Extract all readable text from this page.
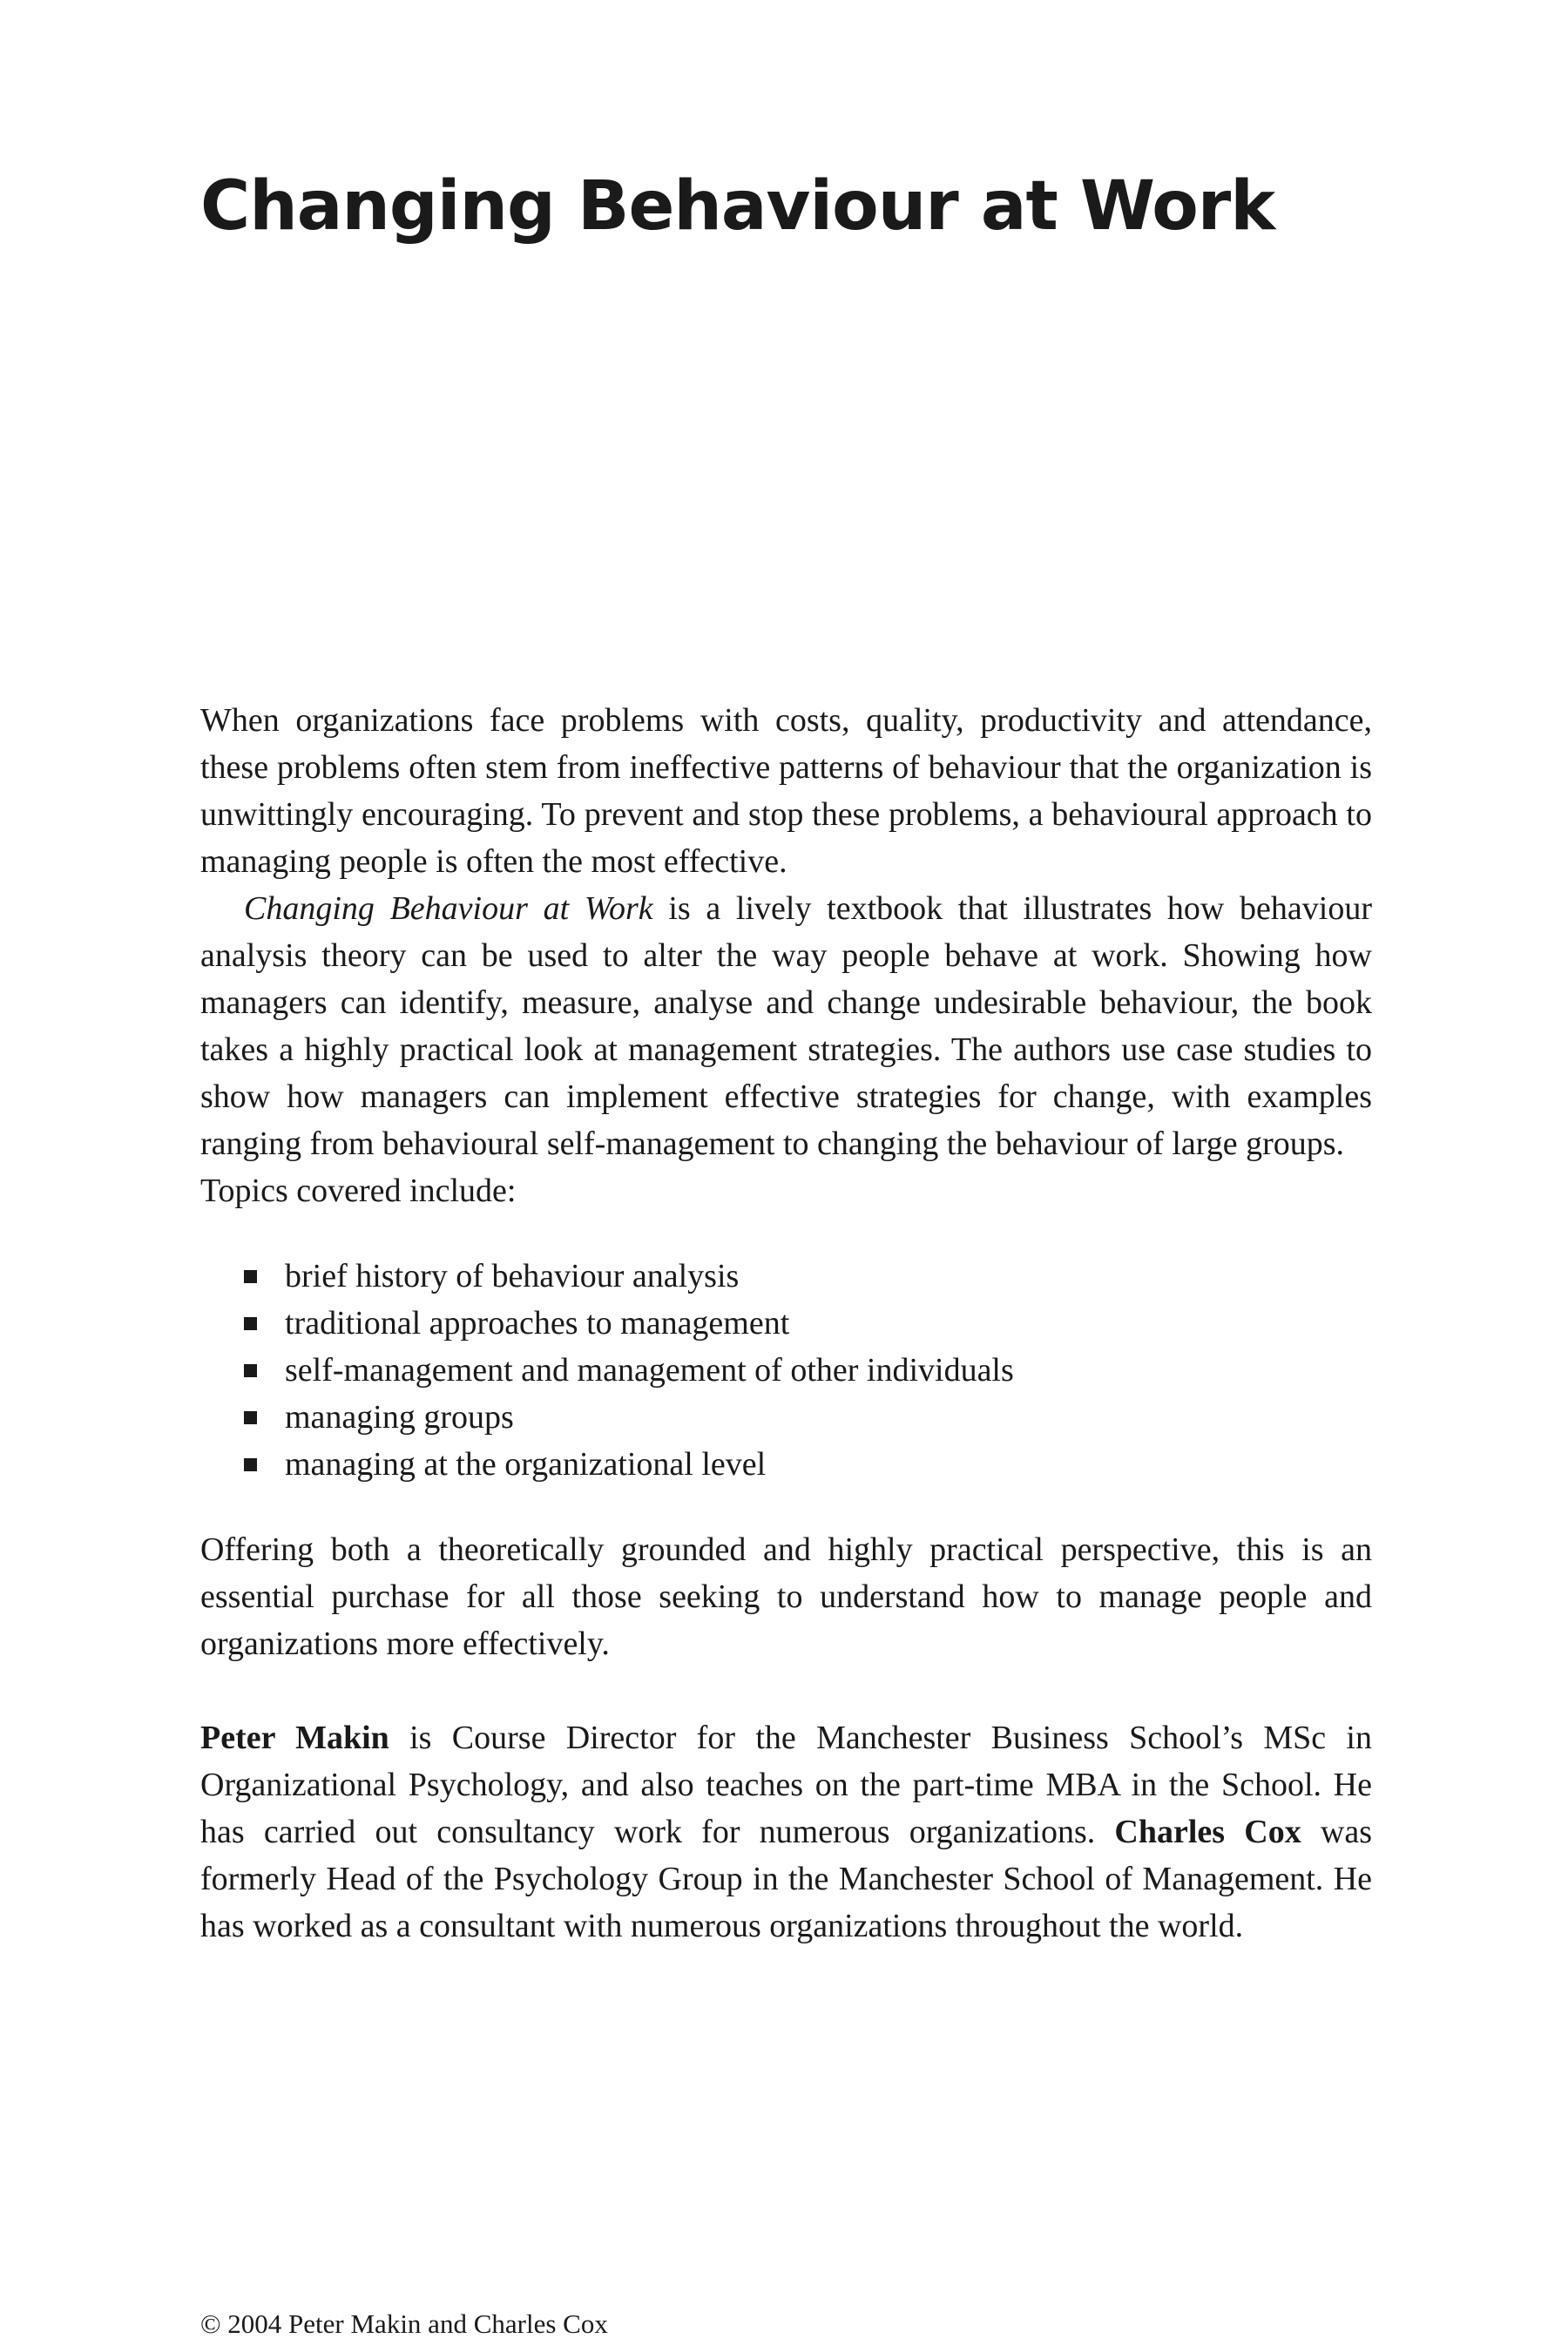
Changing Behaviour at Work

When organizations face problems with costs, quality, productivity and attendance, these problems often stem from ineffective patterns of behaviour that the organization is unwittingly encouraging. To prevent and stop these problems, a behavioural approach to managing people is often the most effective.

Changing Behaviour at Work is a lively textbook that illustrates how behaviour analysis theory can be used to alter the way people behave at work. Showing how managers can identify, measure, analyse and change undesirable behaviour, the book takes a highly practical look at management strategies. The authors use case studies to show how managers can implement effective strategies for change, with examples ranging from behavioural self-management to changing the behaviour of large groups.

Topics covered include:

brief history of behaviour analysis
traditional approaches to management
self-management and management of other individuals
managing groups
managing at the organizational level

Offering both a theoretically grounded and highly practical perspective, this is an essential purchase for all those seeking to understand how to manage people and organizations more effectively.

Peter Makin is Course Director for the Manchester Business School’s MSc in Organizational Psychology, and also teaches on the part-time MBA in the School. He has carried out consultancy work for numerous organizations. Charles Cox was formerly Head of the Psychology Group in the Manchester School of Management. He has worked as a consultant with numerous organizations throughout the world.

© 2004 Peter Makin and Charles Cox
